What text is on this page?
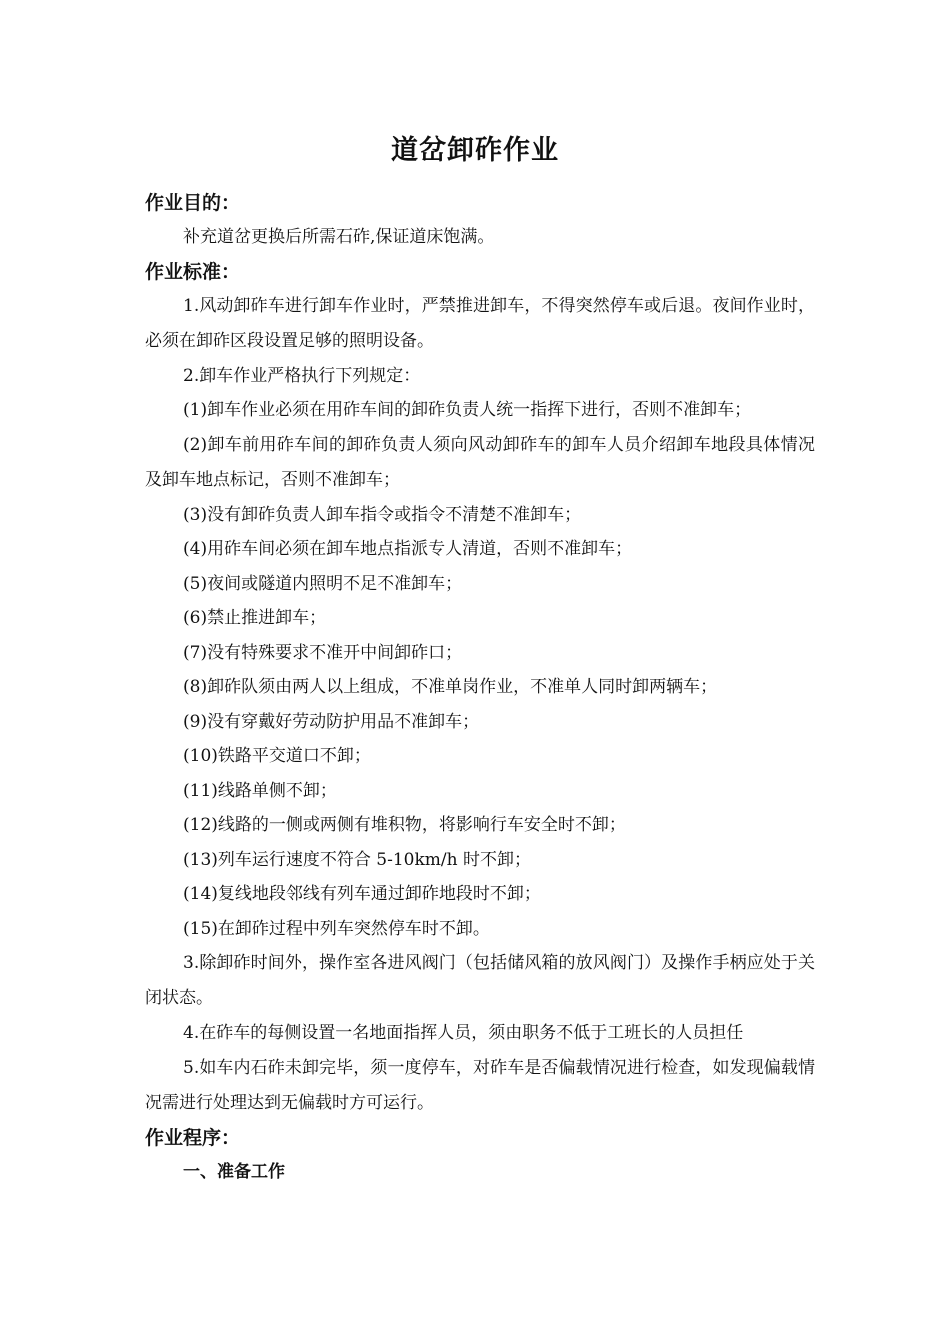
道岔卸砟作业
作业目的：
补充道岔更换后所需石砟,保证道床饱满。
作业标准：
1.风动卸砟车进行卸车作业时，严禁推进卸车，不得突然停车或后退。夜间作业时，必须在卸砟区段设置足够的照明设备。
2.卸车作业严格执行下列规定：
(1)卸车作业必须在用砟车间的卸砟负责人统一指挥下进行，否则不准卸车；
(2)卸车前用砟车间的卸砟负责人须向风动卸砟车的卸车人员介绍卸车地段具体情况及卸车地点标记，否则不准卸车；
(3)没有卸砟负责人卸车指令或指令不清楚不准卸车；
(4)用砟车间必须在卸车地点指派专人清道，否则不准卸车；
(5)夜间或隧道内照明不足不准卸车；
(6)禁止推进卸车；
(7)没有特殊要求不准开中间卸砟口；
(8)卸砟队须由两人以上组成，不准单岗作业，不准单人同时卸两辆车；
(9)没有穿戴好劳动防护用品不准卸车；
(10)铁路平交道口不卸；
(11)线路单侧不卸；
(12)线路的一侧或两侧有堆积物，将影响行车安全时不卸；
(13)列车运行速度不符合 5-10km/h 时不卸；
(14)复线地段邻线有列车通过卸砟地段时不卸；
(15)在卸砟过程中列车突然停车时不卸。
3.除卸砟时间外，操作室各进风阀门（包括储风箱的放风阀门）及操作手柄应处于关闭状态。
4.在砟车的每侧设置一名地面指挥人员，须由职务不低于工班长的人员担任
5.如车内石砟未卸完毕，须一度停车，对砟车是否偏载情况进行检查，如发现偏载情况需进行处理达到无偏载时方可运行。
作业程序：
一、准备工作
